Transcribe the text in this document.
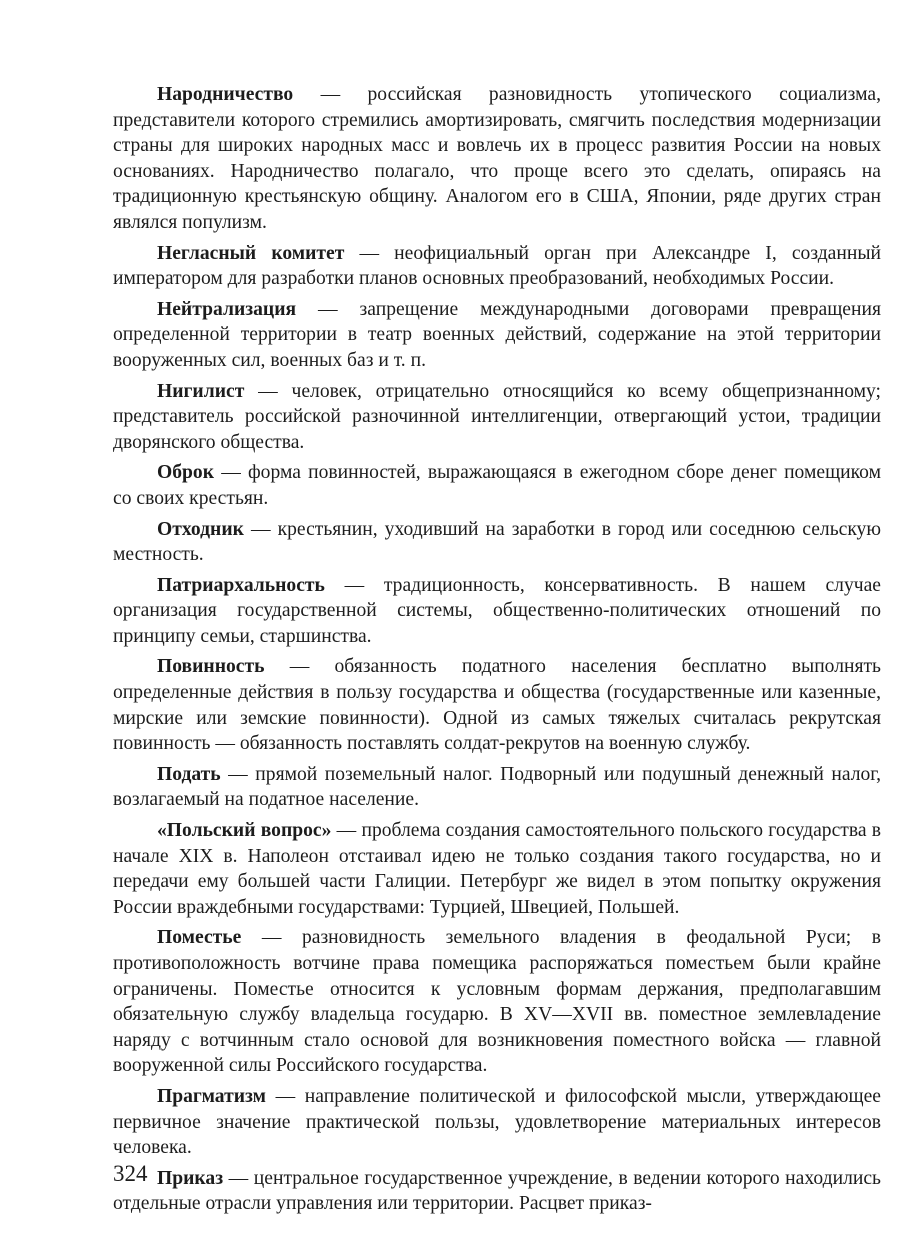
Народничество — российская разновидность утопического социализма, представители которого стремились амортизировать, смягчить последствия модернизации страны для широких народных масс и вовлечь их в процесс развития России на новых основаниях. Народничество полагало, что проще всего это сделать, опираясь на традиционную крестьянскую общину. Аналогом его в США, Японии, ряде других стран являлся популизм.

Негласный комитет — неофициальный орган при Александре I, созданный императором для разработки планов основных преобразований, необходимых России.

Нейтрализация — запрещение международными договорами превращения определенной территории в театр военных действий, содержание на этой территории вооруженных сил, военных баз и т. п.

Нигилист — человек, отрицательно относящийся ко всему общепризнанному; представитель российской разночинной интеллигенции, отвергающий устои, традиции дворянского общества.

Оброк — форма повинностей, выражающаяся в ежегодном сборе денег помещиком со своих крестьян.

Отходник — крестьянин, уходивший на заработки в город или соседнюю сельскую местность.

Патриархальность — традиционность, консервативность. В нашем случае организация государственной системы, общественно-политических отношений по принципу семьи, старшинства.

Повинность — обязанность податного населения бесплатно выполнять определенные действия в пользу государства и общества (государственные или казенные, мирские или земские повинности). Одной из самых тяжелых считалась рекрутская повинность — обязанность поставлять солдат-рекрутов на военную службу.

Подать — прямой поземельный налог. Подворный или подушный денежный налог, возлагаемый на податное население.

«Польский вопрос» — проблема создания самостоятельного польского государства в начале XIX в. Наполеон отстаивал идею не только создания такого государства, но и передачи ему большей части Галиции. Петербург же видел в этом попытку окружения России враждебными государствами: Турцией, Швецией, Польшей.

Поместье — разновидность земельного владения в феодальной Руси; в противоположность вотчине права помещика распоряжаться поместьем были крайне ограничены. Поместье относится к условным формам держания, предполагавшим обязательную службу владельца государю. В XV—XVII вв. поместное землевладение наряду с вотчинным стало основой для возникновения поместного войска — главной вооруженной силы Российского государства.

Прагматизм — направление политической и философской мысли, утверждающее первичное значение практической пользы, удовлетворение материальных интересов человека.

Приказ — центральное государственное учреждение, в ведении которого находились отдельные отрасли управления или территории. Расцвет приказ-

324
